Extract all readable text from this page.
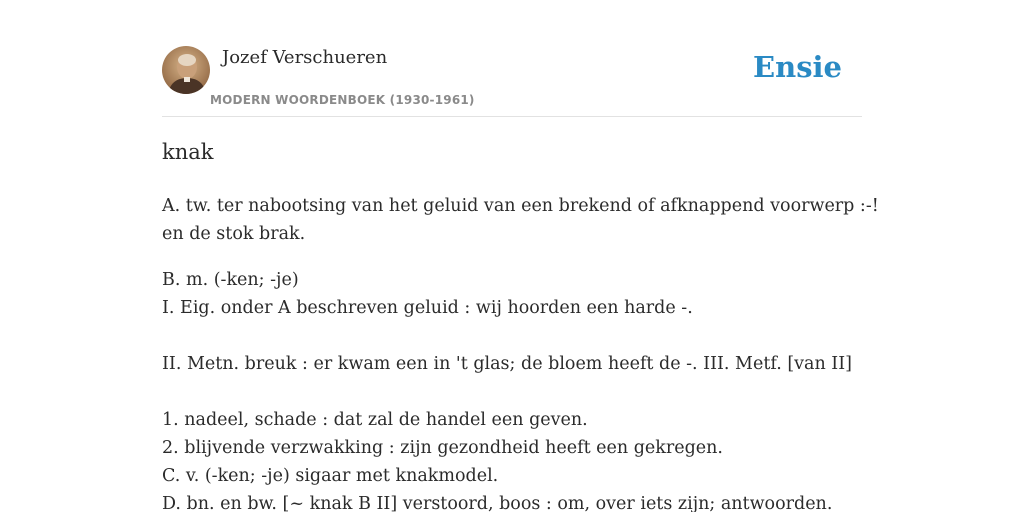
Jozef Verschueren
MODERN WOORDENBOEK (1930-1961)
Ensie
knak

A. tw. ter nabootsing van het geluid van een brekend of afknappend voorwerp :-!
en de stok brak.

B. m. (-ken; -je)
I. Eig. onder A beschreven geluid : wij hoorden een harde -.
II. Metn. breuk : er kwam een in 't glas; de bloem heeft de -. III. Metf. [van II]
1. nadeel, schade : dat zal de handel een geven.
2. blijvende verzwakking : zijn gezondheid heeft een gekregen.
C. v. (-ken; -je) sigaar met knakmodel.
D. bn. en bw. [~ knak B II] verstoord, boos : om, over iets zijn; antwoorden.
